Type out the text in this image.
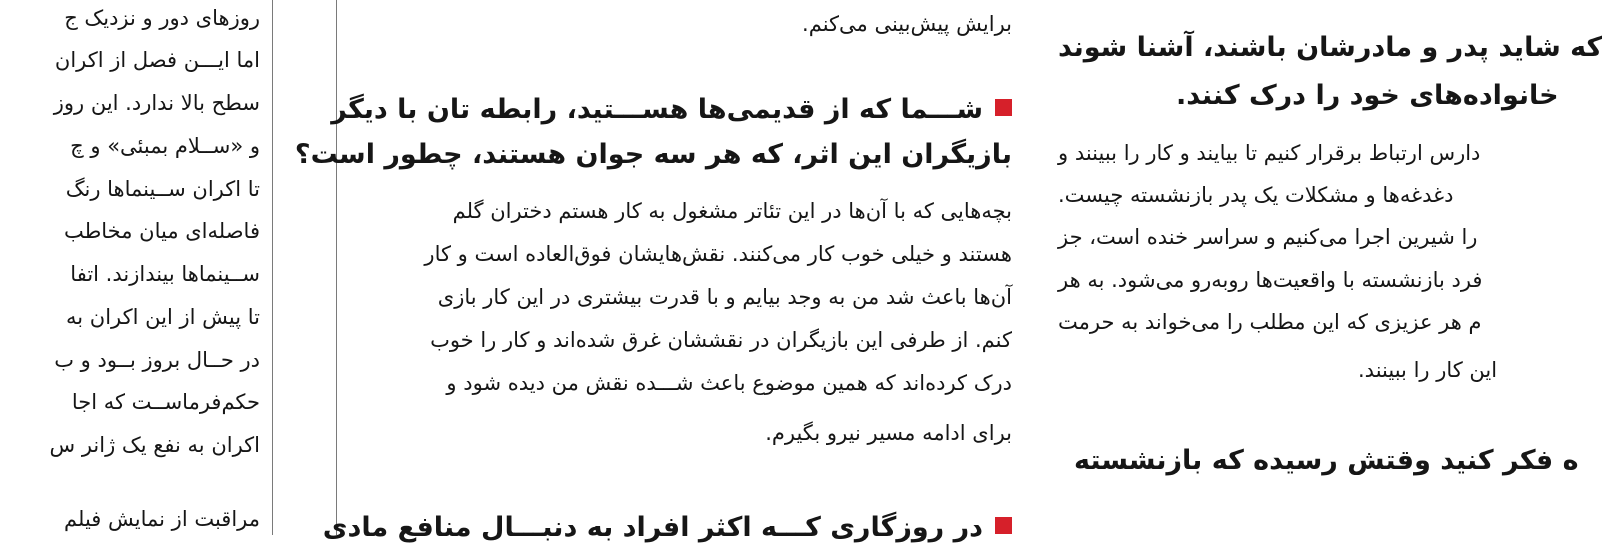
روزهای دور و نزدیک ج
اما ایـــن فصل از اکران
سطح بالا ندارد. این روز
و «ســلام بمبئی» و چ
تا اکران ســینماها رنگ
فاصله‌ای میان مخاطب
ســینماها بیندازند. اتفا
تا پیش از این اکران به
در حــال بروز بــود و ب
حکم‌فرماســت که اجا
اکران به نفع یک ژانر س
مراقبت از نمایش فیلم
برایش پیش‌بینی می‌کنم.
شـــما که از قدیمی‌ها هســـتید، رابطه تان با دیگر
بازیگران این اثر، که هر سه جوان هستند، چطور است؟
بچه‌هایی که با آن‌ها در این تئاتر مشغول به کار هستم دختران گلم
هستند و خیلی خوب کار می‌کنند. نقش‌هایشان فوق‌العاده است و کار
آن‌ها باعث شد من به وجد بیایم و با قدرت بیشتری در این کار بازی
کنم. از طرفی این بازیگران در نقششان غرق شده‌اند و کار را خوب
درک کرده‌اند که همین موضوع باعث شـــده نقش من دیده شود و
برای ادامه مسیر نیرو بگیرم.
در روزگاری کـــه اکثر افراد به دنبـــال منافع مادی
که شاید پدر و مادرشان باشند، آشنا شوند
خانواده‌های خود را درک کنند.
دارس ارتباط برقرار کنیم تا بیایند و کار را ببینند و
دغدغه‌ها و مشکلات یک پدر بازنشسته چیست.
را شیرین اجرا می‌کنیم و سراسر خنده است، جز
فرد بازنشسته با واقعیت‌ها روبه‌رو می‌شود. به هر
م هر عزیزی که این مطلب را می‌خواند به حرمت
این کار را ببینند.
ه فکر کنید وقتش رسیده که بازنشسته
